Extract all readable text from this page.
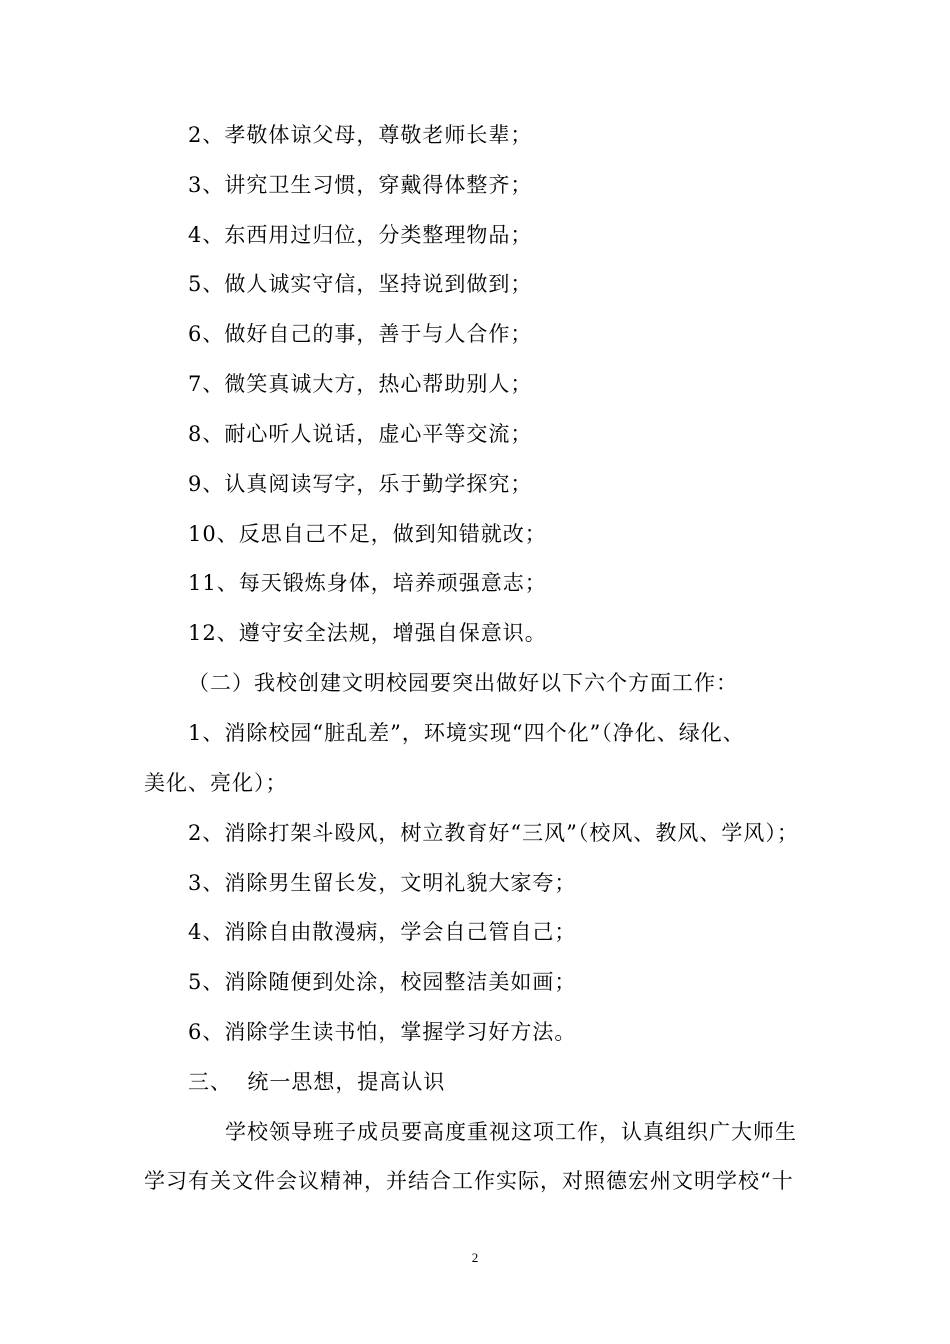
2、孝敬体谅父母，尊敬老师长辈；

3、讲究卫生习惯，穿戴得体整齐；

4、东西用过归位，分类整理物品；

5、做人诚实守信，坚持说到做到；

6、做好自己的事，善于与人合作；

7、微笑真诚大方，热心帮助别人；

8、耐心听人说话，虚心平等交流；

9、认真阅读写字，乐于勤学探究；

10、反思自己不足，做到知错就改；

11、每天锻炼身体，培养顽强意志；

12、遵守安全法规，增强自保意识。

（二）我校创建文明校园要突出做好以下六个方面工作：

1、消除校园“脏乱差”，环境实现“四个化”（净化、绿化、

美化、亮化）；

2、消除打架斗殴风，树立教育好“三风”（校风、教风、学风）；

3、消除男生留长发，文明礼貌大家夸；

4、消除自由散漫病，学会自己管自己；

5、消除随便到处涂，校园整洁美如画；

6、消除学生读书怕，掌握学习好方法。

三、  统一思想，提高认识

学校领导班子成员要高度重视这项工作，认真组织广大师生

学习有关文件会议精神，并结合工作实际，对照德宏州文明学校“十

2
